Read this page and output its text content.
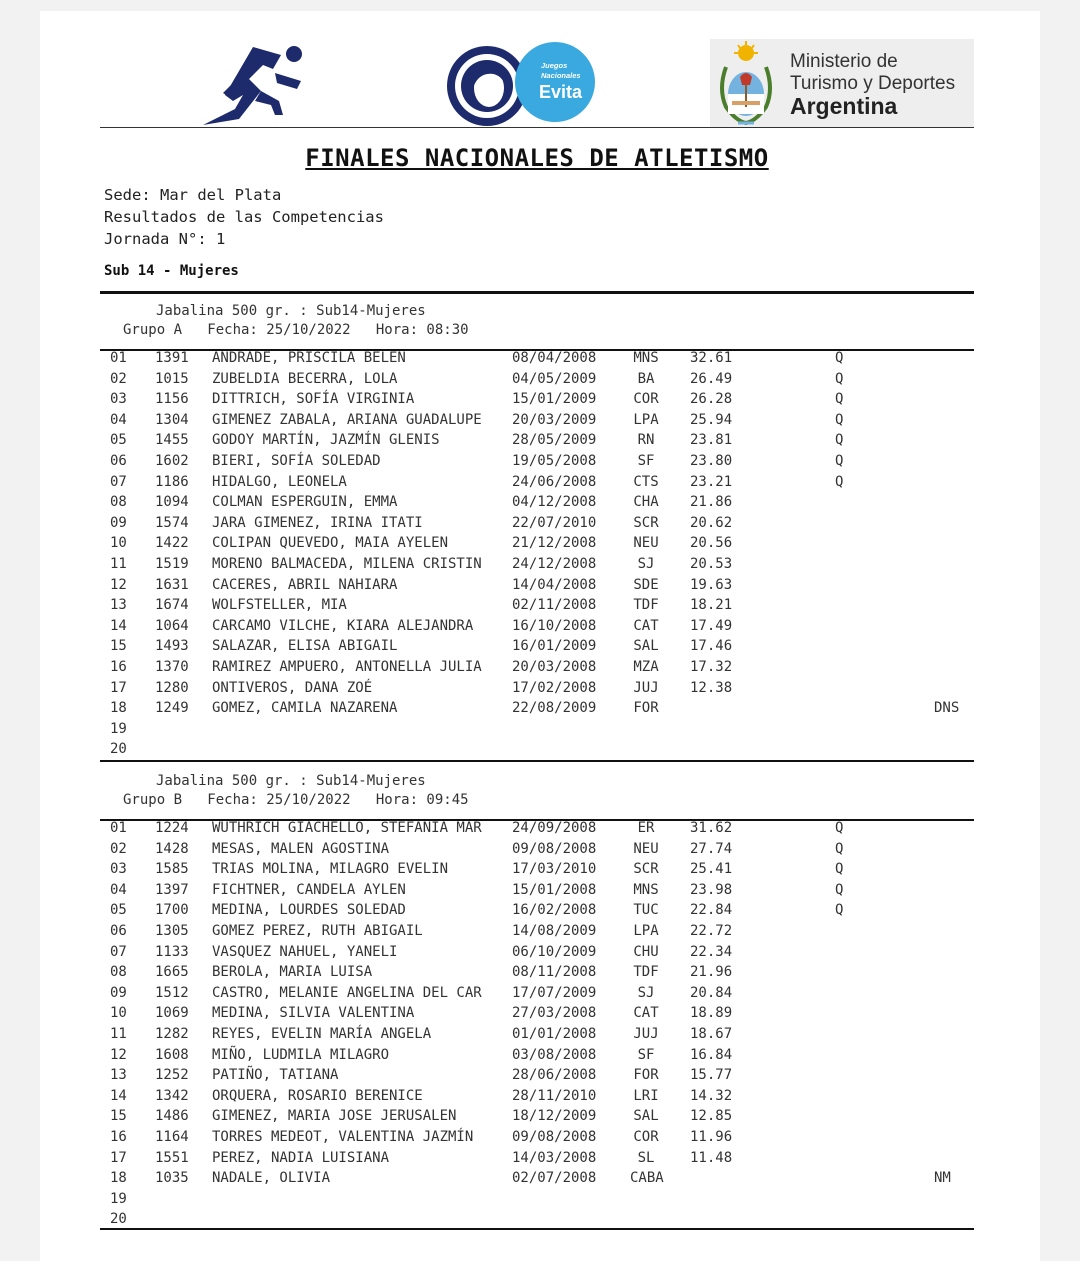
Juegos
Nacionales
Evita
Ministerio de
Turismo y Deportes
Argentina
FINALES NACIONALES DE ATLETISMO
Sede: Mar del Plata
Resultados de las Competencias
Jornada N°: 1
Sub 14 - Mujeres
Jabalina 500 gr. : Sub14-Mujeres
Grupo A   Fecha: 25/10/2022   Hora: 08:30
01 1391 ANDRADE, PRISCILA BELEN	08/04/2008	MNS 32.61	Q
02 1015 ZUBELDIA BECERRA, LOLA	04/05/2009	BA	26.49	Q
03 1156 DITTRICH, SOFÍA VIRGINIA	15/01/2009	COR 26.28	Q
04 1304 GIMENEZ ZABALA, ARIANA GUADALUPE 20/03/2009	LPA 25.94	Q
05 1455 GODOY MARTÍN, JAZMÍN GLENIS	28/05/2009	RN	23.81	Q
06 1602 BIERI, SOFÍA SOLEDAD	19/05/2008	SF	23.80	Q
07 1186 HIDALGO, LEONELA	24/06/2008	CTS 23.21	Q
08 1094 COLMAN ESPERGUIN, EMMA	04/12/2008	CHA 21.86
09 1574 JARA GIMENEZ, IRINA ITATI	22/07/2010	SCR 20.62
10 1422 COLIPAN QUEVEDO, MAIA AYELEN	21/12/2008	NEU 20.56
11 1519 MORENO BALMACEDA, MILENA CRISTIN 24/12/2008	SJ	20.53
12 1631 CACERES, ABRIL NAHIARA	14/04/2008	SDE 19.63
13 1674 WOLFSTELLER, MIA	02/11/2008	TDF 18.21
14 1064 CARCAMO VILCHE, KIARA ALEJANDRA	16/10/2008	CAT 17.49
15 1493 SALAZAR, ELISA ABIGAIL	16/01/2009	SAL 17.46
16 1370 RAMIREZ AMPUERO, ANTONELLA JULIA 20/03/2008	MZA 17.32
17 1280 ONTIVEROS, DANA ZOÉ	17/02/2008	JUJ 12.38
18 1249 GOMEZ, CAMILA NAZARENA	22/08/2009	FOR	DNS
19
20
Jabalina 500 gr. : Sub14-Mujeres
Grupo B   Fecha: 25/10/2022   Hora: 09:45
01 1224 WUTHRICH GIACHELLO, STEFANIA MAR 24/09/2008	ER	31.62	Q
02 1428 MESAS, MALEN AGOSTINA	09/08/2008	NEU 27.74	Q
03 1585 TRIAS MOLINA, MILAGRO EVELIN	17/03/2010	SCR 25.41	Q
04 1397 FICHTNER, CANDELA AYLEN	15/01/2008	MNS 23.98	Q
05 1700 MEDINA, LOURDES SOLEDAD	16/02/2008	TUC 22.84	Q
06 1305 GOMEZ PEREZ, RUTH ABIGAIL	14/08/2009	LPA 22.72
07 1133 VASQUEZ NAHUEL, YANELI	06/10/2009	CHU 22.34
08 1665 BEROLA, MARIA LUISA	08/11/2008	TDF 21.96
09 1512 CASTRO, MELANIE ANGELINA DEL CAR 17/07/2009	SJ	20.84
10 1069 MEDINA, SILVIA VALENTINA	27/03/2008	CAT 18.89
11 1282 REYES, EVELIN MARÍA ANGELA	01/01/2008	JUJ 18.67
12 1608 MIÑO, LUDMILA MILAGRO	03/08/2008	SF	16.84
13 1252 PATIÑO, TATIANA	28/06/2008	FOR 15.77
14 1342 ORQUERA, ROSARIO BERENICE	28/11/2010	LRI 14.32
15 1486 GIMENEZ, MARIA JOSE JERUSALEN	18/12/2009	SAL 12.85
16 1164 TORRES MEDEOT, VALENTINA JAZMÍN	09/08/2008	COR 11.96
17 1551 PEREZ, NADIA LUISIANA	14/03/2008	SL	11.48
18 1035 NADALE, OLIVIA	02/07/2008 CABA	NM
19
20
